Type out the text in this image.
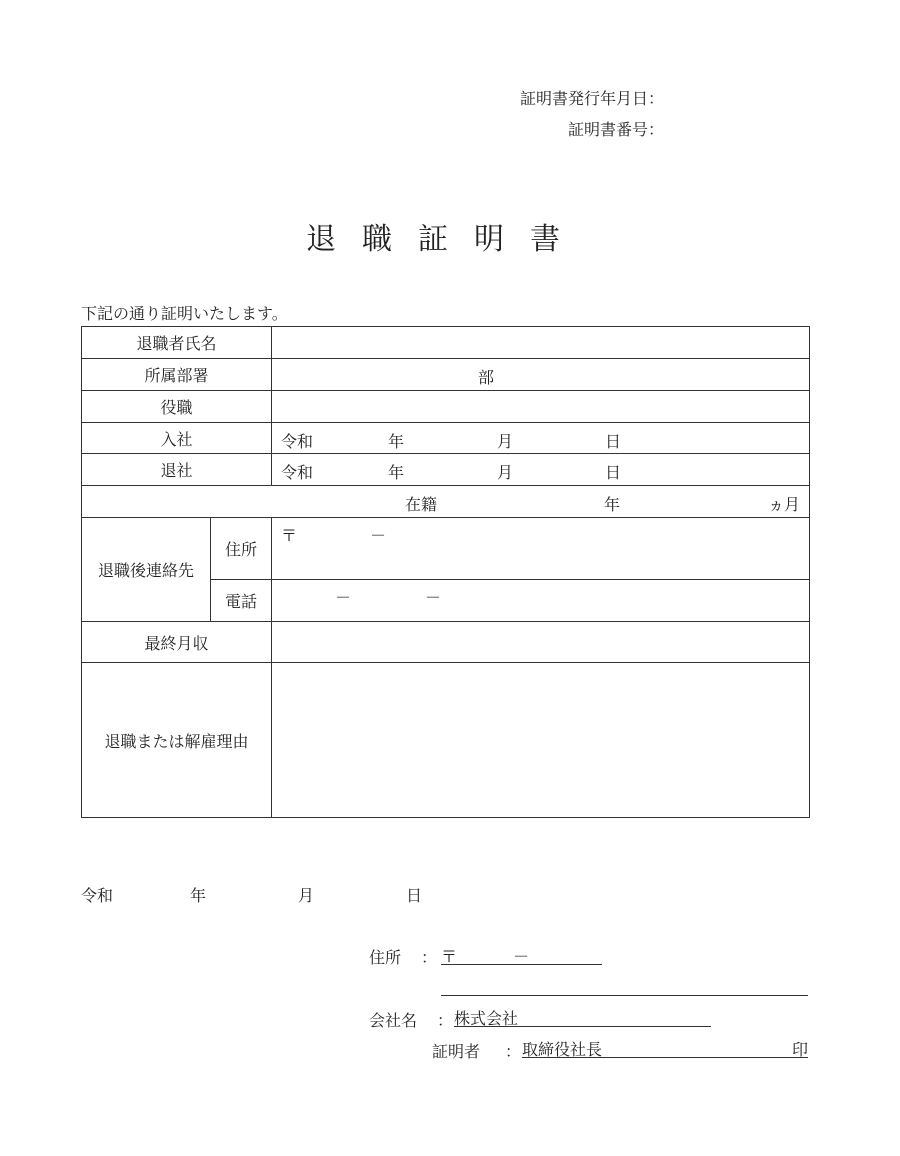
証明書発行年月日：
証明書番号：
退職証明書
下記の通り証明いたします。
退職者氏名		
所属部署		部

役職		
入社		令和 年 月 日

退社		令和 年 月 日

在籍 年 ヵ月		

退職後連絡先	住所	〒 －

	電話	－ －

最終月収		
退職または解雇理由		
令和	年	月	日
住所 ： 〒	－
会社名 ： 株式会社
証明者 ： 取締役社長	印
